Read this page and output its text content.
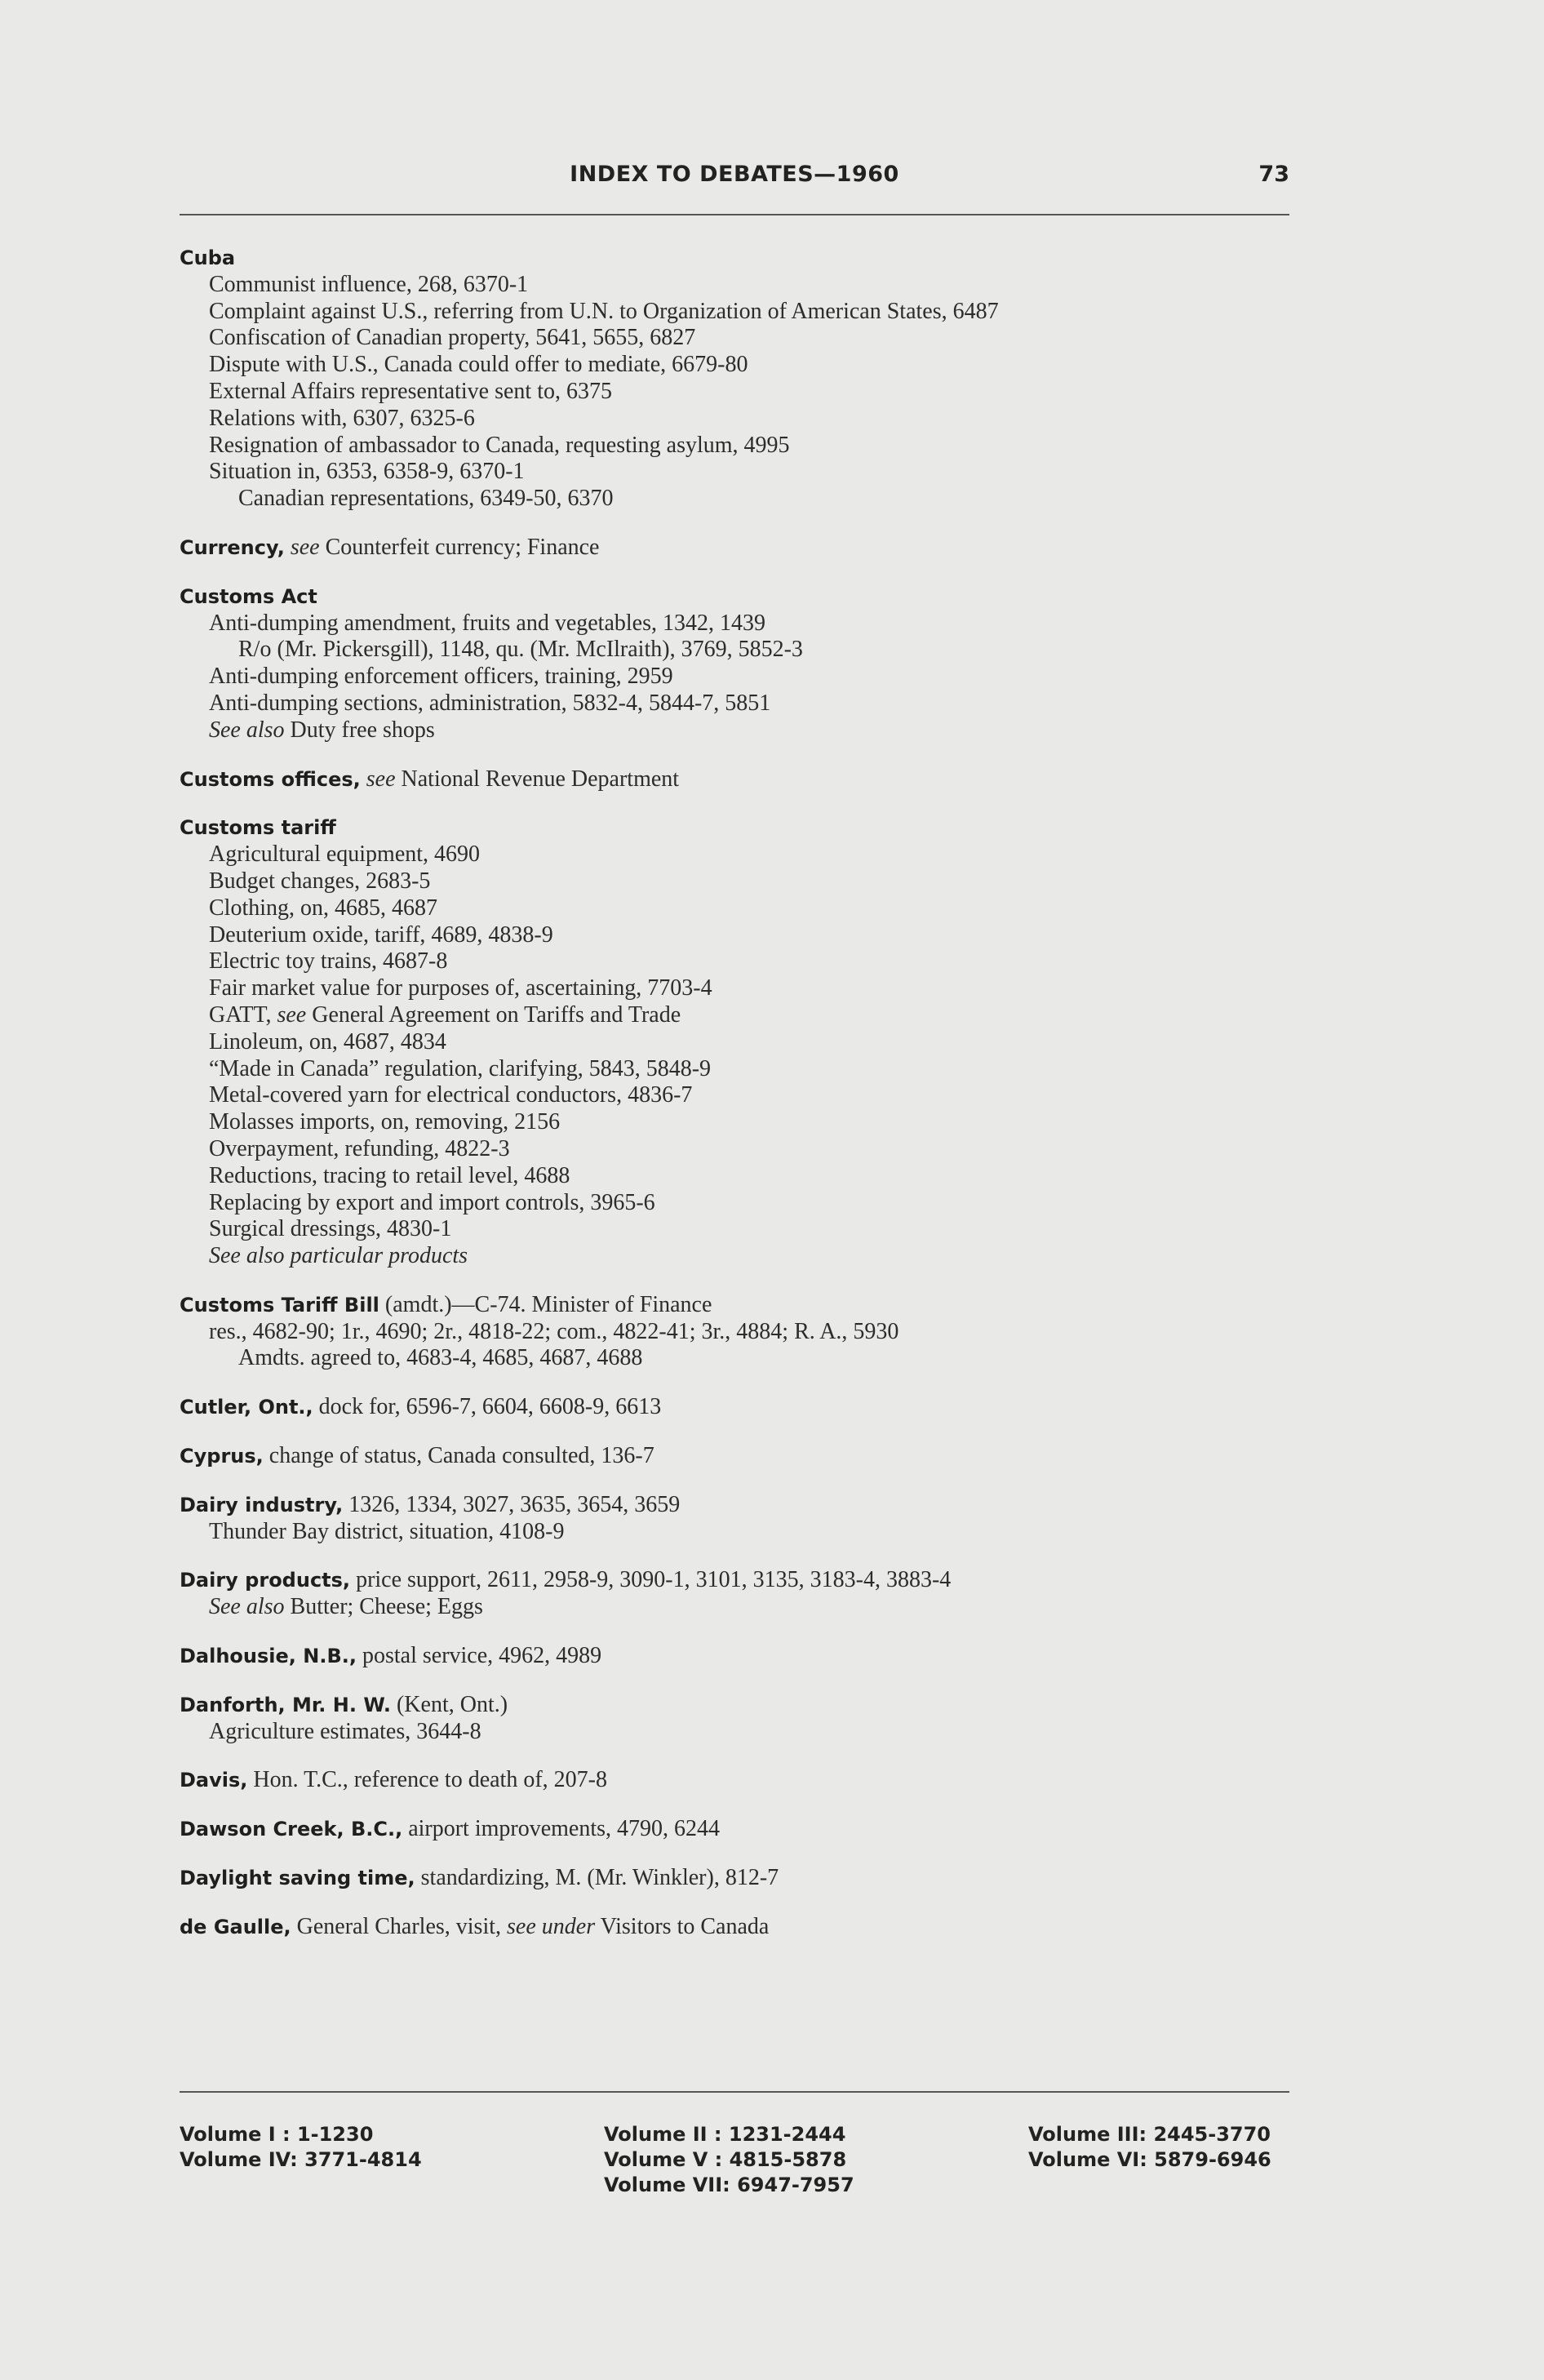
INDEX TO DEBATES—1960	73
Cuba
Communist influence, 268, 6370-1
Complaint against U.S., referring from U.N. to Organization of American States, 6487
Confiscation of Canadian property, 5641, 5655, 6827
Dispute with U.S., Canada could offer to mediate, 6679-80
External Affairs representative sent to, 6375
Relations with, 6307, 6325-6
Resignation of ambassador to Canada, requesting asylum, 4995
Situation in, 6353, 6358-9, 6370-1
Canadian representations, 6349-50, 6370
Currency, see Counterfeit currency; Finance
Customs Act
Anti-dumping amendment, fruits and vegetables, 1342, 1439
R/o (Mr. Pickersgill), 1148, qu. (Mr. McIlraith), 3769, 5852-3
Anti-dumping enforcement officers, training, 2959
Anti-dumping sections, administration, 5832-4, 5844-7, 5851
See also Duty free shops
Customs offices, see National Revenue Department
Customs tariff
Agricultural equipment, 4690
Budget changes, 2683-5
Clothing, on, 4685, 4687
Deuterium oxide, tariff, 4689, 4838-9
Electric toy trains, 4687-8
Fair market value for purposes of, ascertaining, 7703-4
GATT, see General Agreement on Tariffs and Trade
Linoleum, on, 4687, 4834
“Made in Canada” regulation, clarifying, 5843, 5848-9
Metal-covered yarn for electrical conductors, 4836-7
Molasses imports, on, removing, 2156
Overpayment, refunding, 4822-3
Reductions, tracing to retail level, 4688
Replacing by export and import controls, 3965-6
Surgical dressings, 4830-1
See also particular products
Customs Tariff Bill (amdt.)—C-74. Minister of Finance
res., 4682-90; 1r., 4690; 2r., 4818-22; com., 4822-41; 3r., 4884; R. A., 5930
Amdts. agreed to, 4683-4, 4685, 4687, 4688
Cutler, Ont., dock for, 6596-7, 6604, 6608-9, 6613
Cyprus, change of status, Canada consulted, 136-7
Dairy industry, 1326, 1334, 3027, 3635, 3654, 3659
Thunder Bay district, situation, 4108-9
Dairy products, price support, 2611, 2958-9, 3090-1, 3101, 3135, 3183-4, 3883-4
See also Butter; Cheese; Eggs
Dalhousie, N.B., postal service, 4962, 4989
Danforth, Mr. H. W. (Kent, Ont.)
Agriculture estimates, 3644-8
Davis, Hon. T.C., reference to death of, 207-8
Dawson Creek, B.C., airport improvements, 4790, 6244
Daylight saving time, standardizing, M. (Mr. Winkler), 812-7
de Gaulle, General Charles, visit, see under Visitors to Canada
Volume I : 1-1230
Volume IV: 3771-4814
Volume II : 1231-2444
Volume V : 4815-5878
Volume VII: 6947-7957
Volume III: 2445-3770
Volume VI: 5879-6946
